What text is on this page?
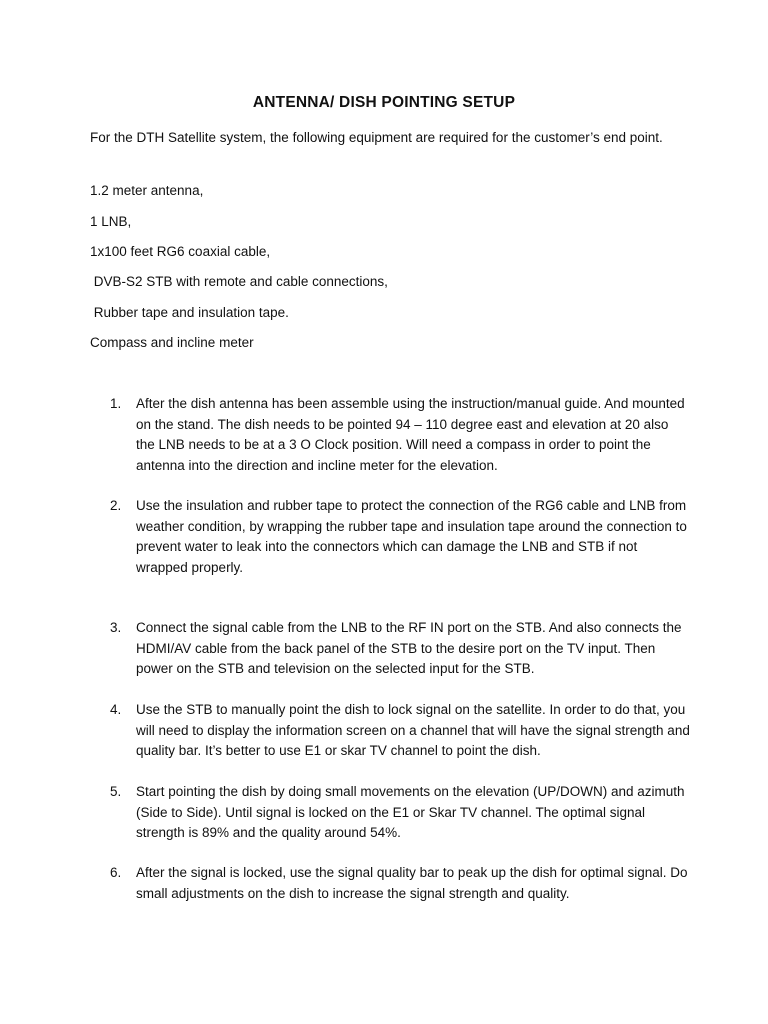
ANTENNA/ DISH POINTING SETUP
For the DTH Satellite system, the following equipment are required for the customer’s end point.
1.2 meter antenna,
1 LNB,
1x100 feet RG6 coaxial cable,
DVB-S2 STB with remote and cable connections,
Rubber tape and insulation tape.
Compass and incline meter
1.	After the dish antenna has been assemble using the instruction/manual guide. And mounted on the stand. The dish needs to be pointed 94 – 110 degree east and elevation at 20 also the LNB needs to be at a 3 O Clock position. Will need a compass in order to point the antenna into the direction and incline meter for the elevation.
2.	Use the insulation and rubber tape to protect the connection of the RG6 cable and LNB from weather condition, by wrapping the rubber tape and insulation tape around the connection to prevent water to leak into the connectors which can damage the LNB and STB if not wrapped properly.
3.	Connect the signal cable from the LNB to the RF IN port on the STB. And also connects the HDMI/AV cable from the back panel of the STB to the desire port on the TV input. Then power on the STB and television on the selected input for the STB.
4.	Use the STB to manually point the dish to lock signal on the satellite. In order to do that, you will need to display the information screen on a channel that will have the signal strength and quality bar. It’s better to use E1 or skar TV channel to point the dish.
5.	Start pointing the dish by doing small movements on the elevation (UP/DOWN) and azimuth (Side to Side). Until signal is locked on the E1 or Skar TV channel. The optimal signal strength is 89% and the quality around 54%.
6.	After the signal is locked, use the signal quality bar to peak up the dish for optimal signal. Do small adjustments on the dish to increase the signal strength and quality.
